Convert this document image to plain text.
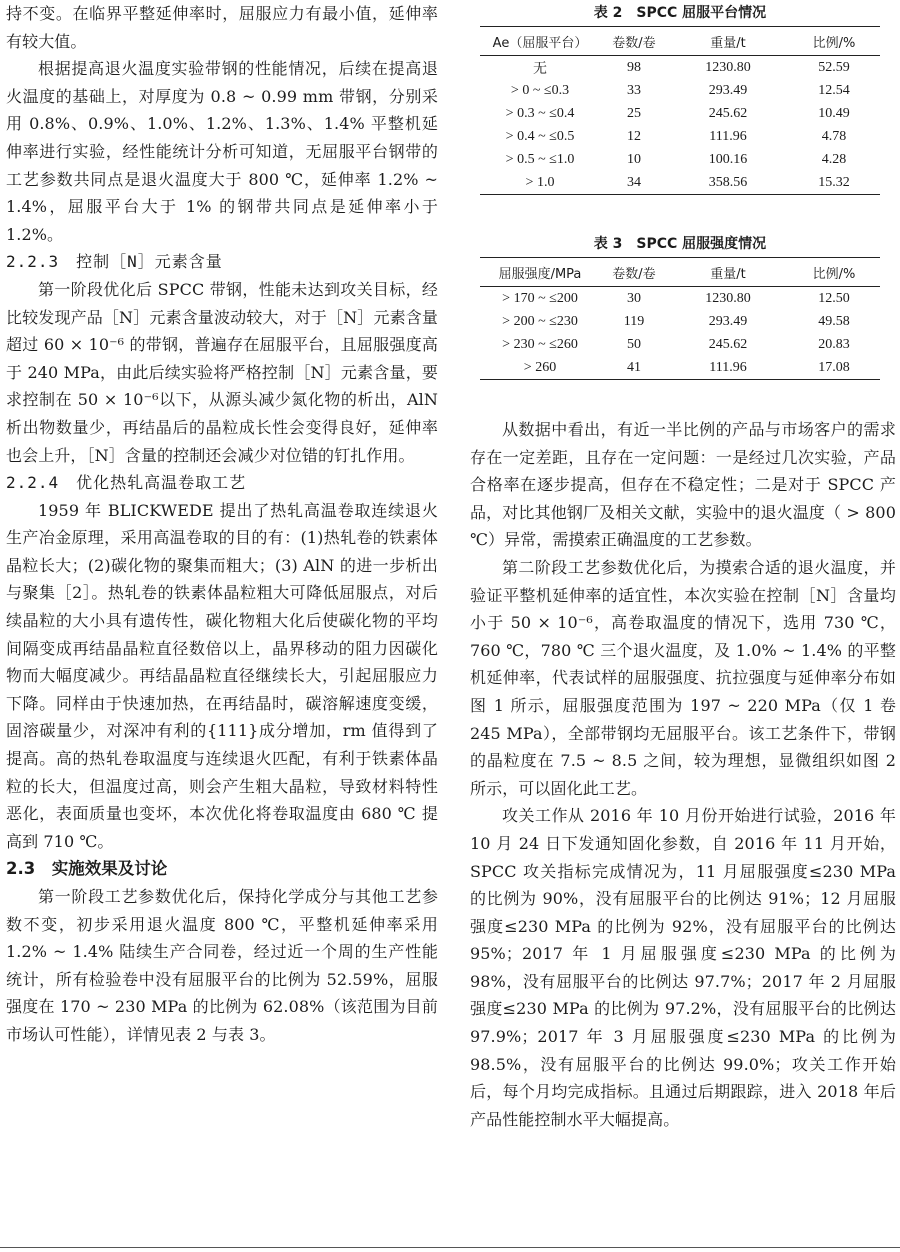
持不变。在临界平整延伸率时，屈服应力有最小值，延伸率有较大值。

根据提高退火温度实验带钢的性能情况，后续在提高退火温度的基础上，对厚度为 0.8 ~ 0.99 mm 带钢，分别采用 0.8%、0.9%、1.0%、1.2%、1.3%、1.4% 平整机延伸率进行实验，经性能统计分析可知道，无屈服平台钢带的工艺参数共同点是退火温度大于 800 ℃，延伸率 1.2% ~ 1.4%，屈服平台大于 1% 的钢带共同点是延伸率小于 1.2%。

2.2.3　控制［N］元素含量

第一阶段优化后 SPCC 带钢，性能未达到攻关目标，经比较发现产品［N］元素含量波动较大，对于［N］元素含量超过 60 × 10⁻⁶ 的带钢，普遍存在屈服平台，且屈服强度高于 240 MPa，由此后续实验将严格控制［N］元素含量，要求控制在 50 × 10⁻⁶以下，从源头减少氮化物的析出，AlN 析出物数量少，再结晶后的晶粒成长性会变得良好，延伸率也会上升，［N］含量的控制还会减少对位错的钉扎作用。

2.2.4　优化热轧高温卷取工艺

1959 年 BLICKWEDE 提出了热轧高温卷取连续退火生产冶金原理，采用高温卷取的目的有：(1)热轧卷的铁素体晶粒长大；(2)碳化物的聚集而粗大；(3) AlN 的进一步析出与聚集［2］。热轧卷的铁素体晶粒粗大可降低屈服点，对后续晶粒的大小具有遗传性，碳化物粗大化后使碳化物的平均间隔变成再结晶晶粒直径数倍以上，晶界移动的阻力因碳化物而大幅度减少。再结晶晶粒直径继续长大，引起屈服应力下降。同样由于快速加热，在再结晶时，碳溶解速度变缓，固溶碳量少，对深冲有利的{111}成分增加，rm 值得到了提高。高的热轧卷取温度与连续退火匹配，有利于铁素体晶粒的长大，但温度过高，则会产生粗大晶粒，导致材料特性恶化，表面质量也变坏，本次优化将卷取温度由 680 ℃ 提高到 710 ℃。

2.3　实施效果及讨论

第一阶段工艺参数优化后，保持化学成分与其他工艺参数不变，初步采用退火温度 800 ℃，平整机延伸率采用 1.2% ~ 1.4% 陆续生产合同卷，经过近一个周的生产性能统计，所有检验卷中没有屈服平台的比例为 52.59%，屈服强度在 170 ~ 230 MPa 的比例为 62.08%（该范围为目前市场认可性能），详情见表 2 与表 3。

表 2　SPCC 屈服平台情况

Ae（屈服平台）	卷数/卷	重量/t	比例/%
无	98	1230.80	52.59
> 0 ~ ≤0.3	33	293.49	12.54
> 0.3 ~ ≤0.4	25	245.62	10.49
> 0.4 ~ ≤0.5	12	111.96	4.78
> 0.5 ~ ≤1.0	10	100.16	4.28
> 1.0	34	358.56	15.32

表 3　SPCC 屈服强度情况

屈服强度/MPa	卷数/卷	重量/t	比例/%
> 170 ~ ≤200	30	1230.80	12.50
> 200 ~ ≤230	119	293.49	49.58
> 230 ~ ≤260	50	245.62	20.83
> 260	41	111.96	17.08

从数据中看出，有近一半比例的产品与市场客户的需求存在一定差距，且存在一定问题：一是经过几次实验，产品合格率在逐步提高，但存在不稳定性；二是对于 SPCC 产品，对比其他钢厂及相关文献，实验中的退火温度（ > 800 ℃）异常，需摸索正确温度的工艺参数。

第二阶段工艺参数优化后，为摸索合适的退火温度，并验证平整机延伸率的适宜性，本次实验在控制［N］含量均小于 50 × 10⁻⁶，高卷取温度的情况下，选用 730 ℃，760 ℃，780 ℃ 三个退火温度，及 1.0% ~ 1.4% 的平整机延伸率，代表试样的屈服强度、抗拉强度与延伸率分布如图 1 所示，屈服强度范围为 197 ~ 220 MPa（仅 1 卷 245 MPa），全部带钢均无屈服平台。该工艺条件下，带钢的晶粒度在 7.5 ~ 8.5 之间，较为理想，显微组织如图 2 所示，可以固化此工艺。

攻关工作从 2016 年 10 月份开始进行试验，2016 年 10 月 24 日下发通知固化参数，自 2016 年 11 月开始，SPCC 攻关指标完成情况为，11 月屈服强度≤230 MPa 的比例为 90%，没有屈服平台的比例达 91%；12 月屈服强度≤230 MPa 的比例为 92%，没有屈服平台的比例达 95%；2017 年 1 月屈服强度≤230 MPa 的比例为 98%，没有屈服平台的比例达 97.7%；2017 年 2 月屈服强度≤230 MPa 的比例为 97.2%，没有屈服平台的比例达 97.9%；2017 年 3 月屈服强度≤230 MPa 的比例为 98.5%，没有屈服平台的比例达 99.0%；攻关工作开始后，每个月均完成指标。且通过后期跟踪，进入 2018 年后产品性能控制水平大幅提高。
